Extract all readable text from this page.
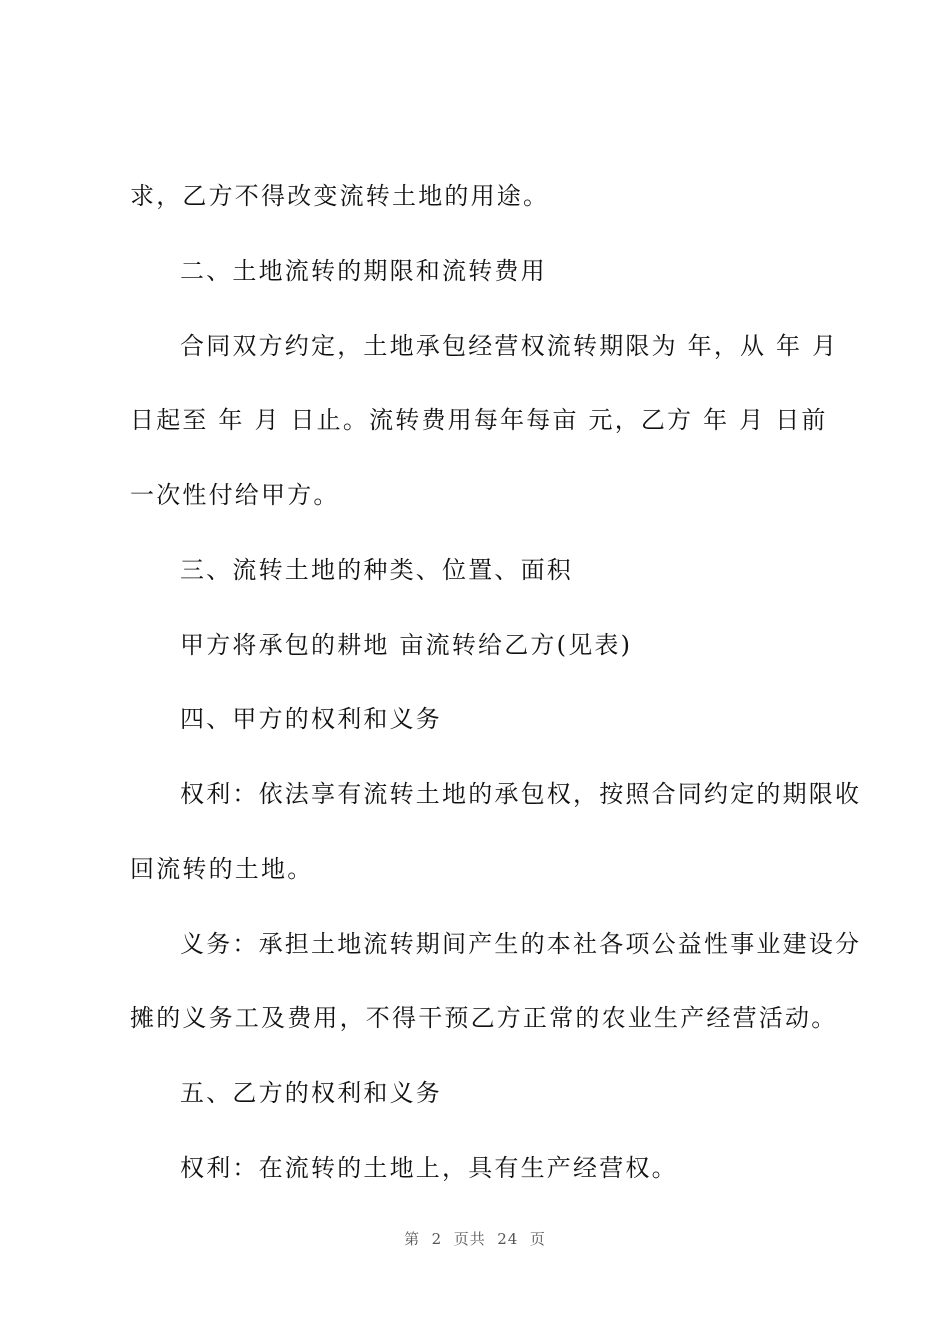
求，乙方不得改变流转土地的用途。
二、土地流转的期限和流转费用
合同双方约定，土地承包经营权流转期限为 年，从 年 月
日起至 年 月 日止。流转费用每年每亩 元，乙方 年 月 日前
一次性付给甲方。
三、流转土地的种类、位置、面积
甲方将承包的耕地 亩流转给乙方(见表)
四、甲方的权利和义务
权利：依法享有流转土地的承包权，按照合同约定的期限收
回流转的土地。
义务：承担土地流转期间产生的本社各项公益性事业建设分
摊的义务工及费用，不得干预乙方正常的农业生产经营活动。
五、乙方的权利和义务
权利：在流转的土地上，具有生产经营权。
第  2  页共  24  页
